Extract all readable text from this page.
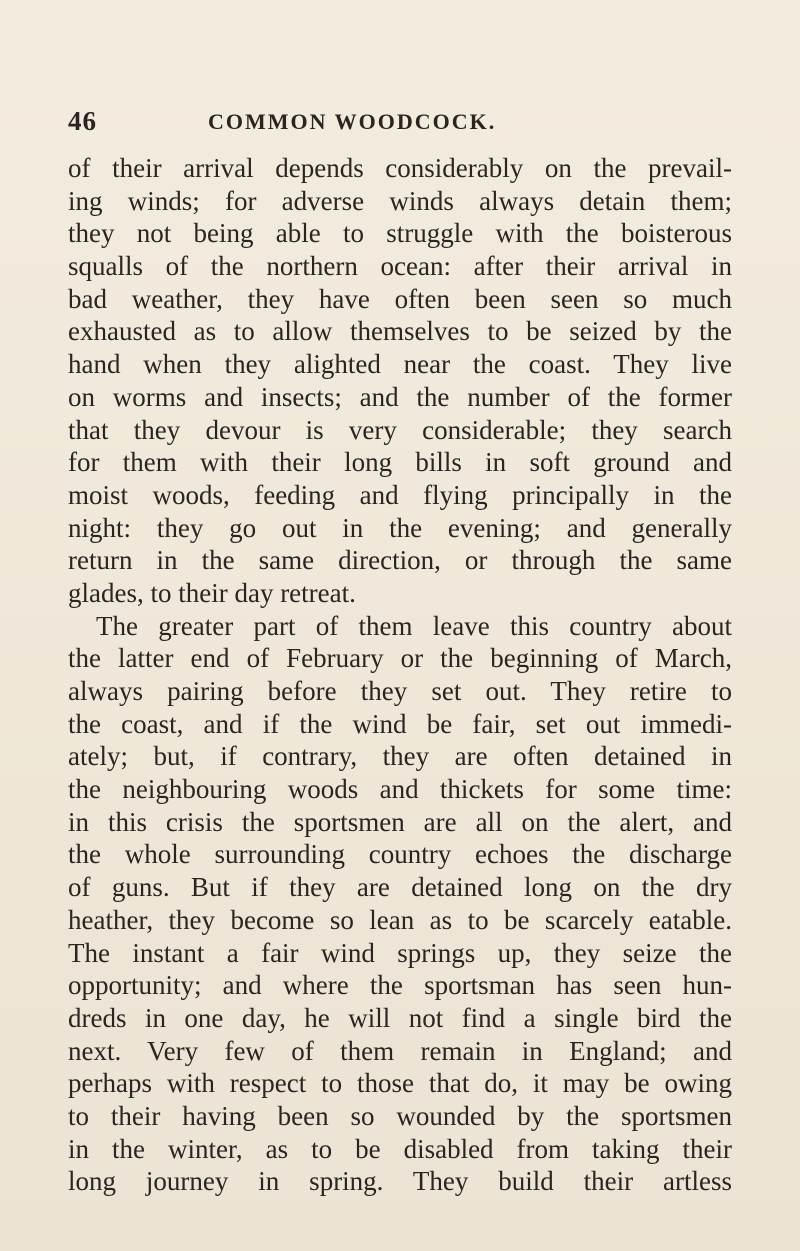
46	COMMON WOODCOCK.
of their arrival depends considerably on the prevail-
ing winds; for adverse winds always detain them;
they not being able to struggle with the boisterous
squalls of the northern ocean: after their arrival in
bad weather, they have often been seen so much
exhausted as to allow themselves to be seized by the
hand when they alighted near the coast. They live
on worms and insects; and the number of the former
that they devour is very considerable; they search
for them with their long bills in soft ground and
moist woods, feeding and flying principally in the
night: they go out in the evening; and generally
return in the same direction, or through the same
glades, to their day retreat.
The greater part of them leave this country about
the latter end of February or the beginning of March,
always pairing before they set out. They retire to
the coast, and if the wind be fair, set out immedi-
ately; but, if contrary, they are often detained in
the neighbouring woods and thickets for some time:
in this crisis the sportsmen are all on the alert, and
the whole surrounding country echoes the discharge
of guns. But if they are detained long on the dry
heather, they become so lean as to be scarcely eatable.
The instant a fair wind springs up, they seize the
opportunity; and where the sportsman has seen hun-
dreds in one day, he will not find a single bird the
next. Very few of them remain in England; and
perhaps with respect to those that do, it may be owing
to their having been so wounded by the sportsmen
in the winter, as to be disabled from taking their
long journey in spring. They build their artless
